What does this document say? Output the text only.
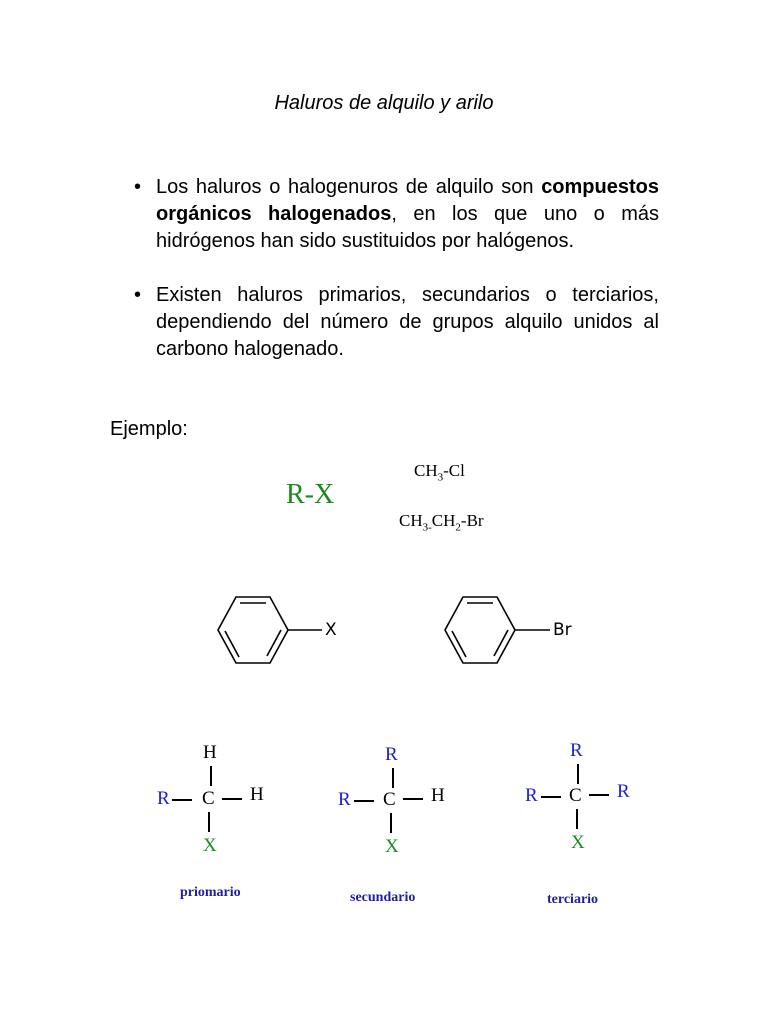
Haluros de alquilo y arilo
• Los haluros o halogenuros de alquilo son compuestos orgánicos halogenados, en los que uno o más hidrógenos han sido sustituidos por halógenos.
• Existen haluros primarios, secundarios o terciarios, dependiendo del número de grupos alquilo unidos al carbono halogenado.
Ejemplo:
R-X
$CH_3-Cl$
$CH_{3-}CH_2-Br$
X	Br
H
R C H
X
priomario
R
R C H
X
secundario
R
R C R
X
terciario
